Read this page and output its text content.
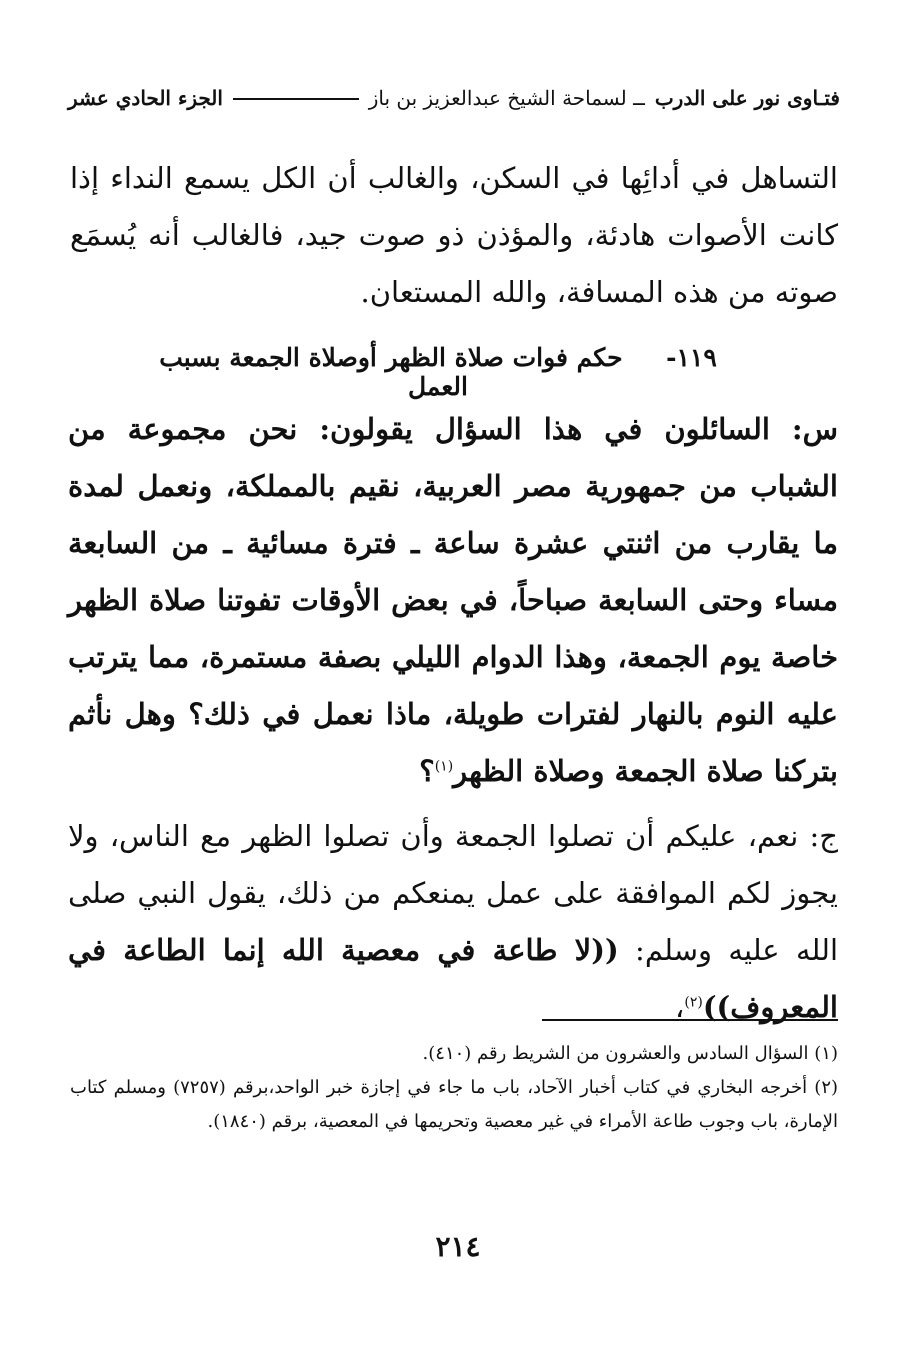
فتـاوى نور على الدرب
ــ لسماحة الشيخ عبدالعزيز بن باز
الجزء الحادي عشر

التساهل في أدائِها في السكن، والغالب أن الكل يسمع النداء إذا كانت الأصوات هادئة، والمؤذن ذو صوت جيد، فالغالب أنه يُسمَع صوته من هذه المسافة، والله المستعان.

١١٩-     حكم فوات صلاة الظهر أوصلاة الجمعة بسبب العمل

س: السائلون في هذا السؤال يقولون: نحن مجموعة من الشباب من جمهورية مصر العربية، نقيم بالمملكة، ونعمل لمدة ما يقارب من اثنتي عشرة ساعة ـ فترة مسائية ـ من السابعة مساء وحتى السابعة صباحاً، في بعض الأوقات تفوتنا صلاة الظهر خاصة يوم الجمعة، وهذا الدوام الليلي بصفة مستمرة، مما يترتب عليه النوم بالنهار لفترات طويلة، ماذا نعمل في ذلك؟ وهل نأثم بتركنا صلاة الجمعة وصلاة الظهر$^{(١)}$؟

ج: نعم، عليكم أن تصلوا الجمعة وأن تصلوا الظهر مع الناس، ولا يجوز لكم الموافقة على عمل يمنعكم من ذلك، يقول النبي صلى الله عليه وسلم: ((لا طاعة في معصية الله إنما الطاعة في المعروف))$^{(٢)}$،

(١) السؤال السادس والعشرون من الشريط رقم (٤١٠).

(٢) أخرجه البخاري في كتاب أخبار الآحاد، باب ما جاء في إجازة خبر الواحد،برقم (٧٢٥٧) ومسلم كتاب الإمارة، باب وجوب طاعة الأمراء في غير معصية وتحريمها في المعصية، برقم (١٨٤٠).

٢١٤
